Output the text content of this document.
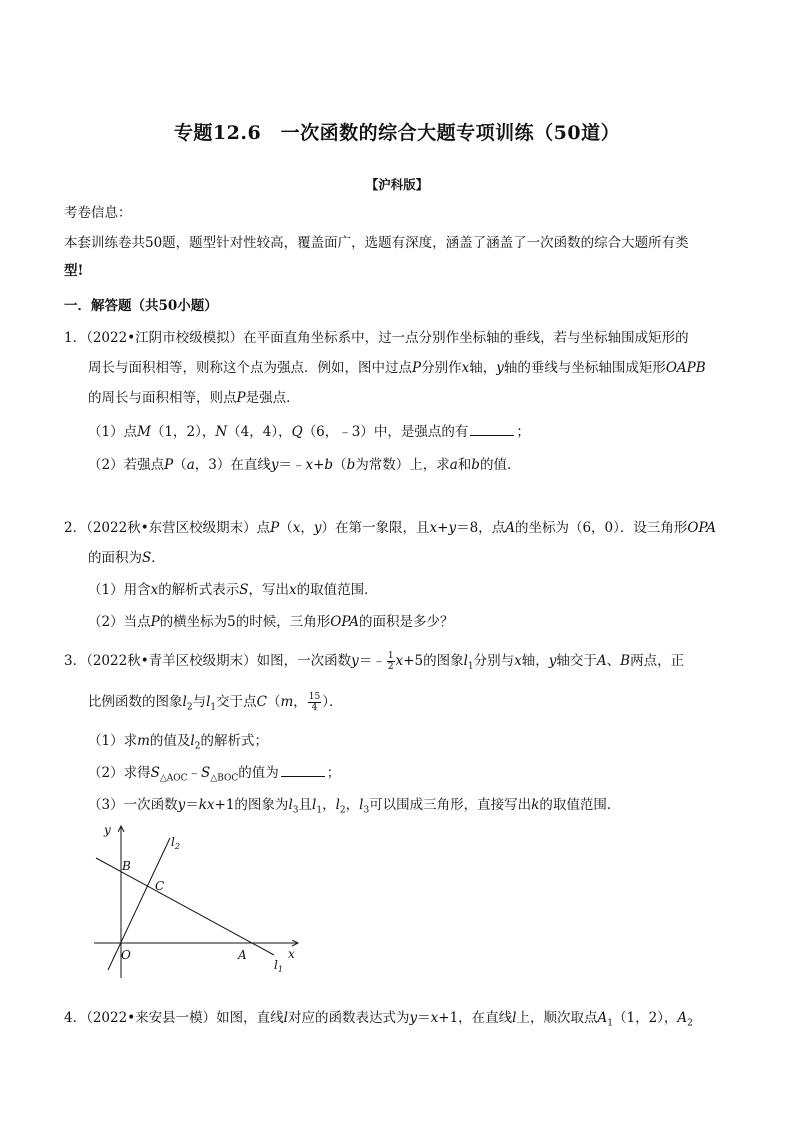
专题12.6　一次函数的综合大题专项训练（50道）
【沪科版】
考卷信息：
本套训练卷共50题，题型针对性较高，覆盖面广，选题有深度，涵盖了涵盖了一次函数的综合大题所有类
型!
一．解答题（共50小题）
1．（2022•江阴市校级模拟）在平面直角坐标系中，过一点分别作坐标轴的垂线，若与坐标轴围成矩形的
周长与面积相等，则称这个点为强点．例如，图中过点P分别作x轴，y轴的垂线与坐标轴围成矩形OAPB
的周长与面积相等，则点P是强点．
（1）点M（1，2），N（4，4），Q（6，﹣3）中，是强点的有	；
（2）若强点P（a，3）在直线y＝﹣x+b（b为常数）上，求a和b的值．
2．（2022秋•东营区校级期末）点P（x，y）在第一象限，且x+y＝8，点A的坐标为（6，0）．设三角形OPA
的面积为S．
（1）用含x的解析式表示S，写出x的取值范围．
（2）当点P的横坐标为5的时候，三角形OPA的面积是多少？
3．（2022秋•青羊区校级期末）如图，一次函数y＝﹣ $\frac{1}{2} x+5$的图象$l_1$分别与x轴，y轴交于A、B两点，正
比例函数的图象$l_2$与$l_1$交于点C（m， $\frac{15}{4}$ ）．
（1）求m的值及$l_2$的解析式；
（2）求得$S_{\triangle AOC}﹣S_{\triangle BOC}$的值为	；
（3）一次函数y＝kx+1的图象为$l_3$且$l_1$，$l_2$，$l_3$可以围成三角形，直接写出k的取值范围．
y
x
O	A
B
C
$l_1$
$l_2$
4．（2022•来安县一模）如图，直线l对应的函数表达式为y＝x+1，在直线l上，顺次取点$A_1(1$，2），$A_2$
